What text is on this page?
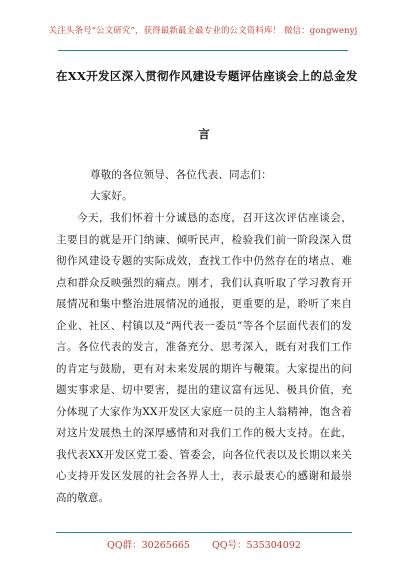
关注头条号“公文研究”，获得最新最全最专业的公文资料库！ 微信：gongwenyj
在XX开发区深入贯彻作风建设专题评估座谈会上的总金发
言
尊敬的各位领导、各位代表、同志们：
大家好。
今天，我们怀着十分诚恳的态度，召开这次评估座谈会，主要目的就是开门纳谏、倾听民声，检验我们前一阶段深入贯彻作风建设专题的实际成效，查找工作中仍然存在的堵点、难点和群众反映强烈的痛点。刚才，我们认真听取了学习教育开展情况和集中整治进展情况的通报，更重要的是，聆听了来自企业、社区、村镇以及“两代表一委员”等各个层面代表们的发言。各位代表的发言，准备充分、思考深入，既有对我们工作的肯定与鼓励，更有对未来发展的期许与鞭策。大家提出的问题实事求是、切中要害，提出的建议富有远见、极具价值，充分体现了大家作为XX开发区大家庭一员的主人翁精神，饱含着对这片发展热土的深厚感情和对我们工作的极大支持。在此，我代表XX开发区党工委、管委会，向各位代表以及长期以来关心支持开发区发展的社会各界人士，表示最衷心的感谢和最崇高的敬意。
QQ群：30265665 QQ号：535304092
